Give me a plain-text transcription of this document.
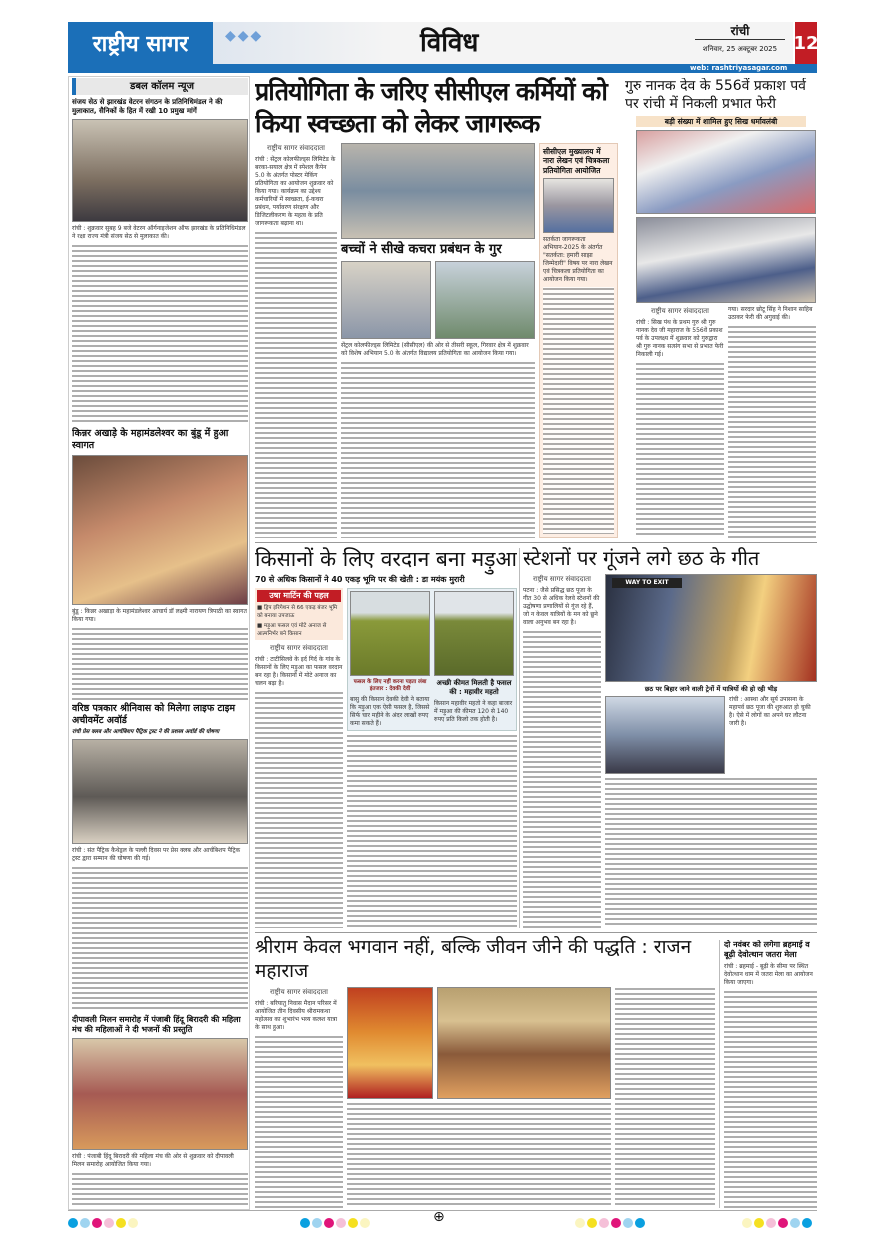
राष्ट्रीय सागर	◆◆◆	विविध	रांची
शनिवार, 25 अक्टूबर 2025 12
web: rashtriyasagar.com
डबल कॉलम न्यूज
संजय सेठ से झारखंड वेटरन संगठन के प्रतिनिधिमंडल ने की मुलाकात, सैनिकों के हित में रखी 10 प्रमुख मांगें
रांची : शुक्रवार सुबह 9 बजे वेटरन ऑर्गनाइजेशन ऑफ झारखंड के प्रतिनिधिमंडल ने रक्षा राज्य मंत्री संजय सेठ से मुलाकात की।
किन्नर अखाड़े के महामंडलेश्वर का बुंडू में हुआ स्वागत
बुंडू : किन्नर अखाड़ा के महामंडलेश्वर आचार्य डॉ लक्ष्मी नारायण त्रिपाठी का स्वागत किया गया।
वरिष्ठ पत्रकार श्रीनिवास को मिलेगा लाइफ टाइम अचीवमेंट अवॉर्ड
रांची प्रेस क्लब और आर्चबिशप पैट्रिक ट्रस्ट ने की प्रशस्त्र अवॉर्ड की घोषणा
रांची : संत पैट्रिक कैथेड्रल के पल्ली दिवस पर प्रेस क्लब और आर्चबिशप पैट्रिक ट्रस्ट द्वारा सम्मान की घोषणा की गई।
दीपावली मिलन समारोह में पंजाबी हिंदू बिरादरी की महिला मंच की महिलाओं ने दी भजनों की प्रस्तुति
रांची : पंजाबी हिंदू बिरादरी की महिला मंच की ओर से शुक्रवार को दीपावली मिलन समारोह आयोजित किया गया।
प्रतियोगिता के जरिए सीसीएल कर्मियों को किया स्वच्छता को लेकर जागरूक
राष्ट्रीय सागर संवाददाता
रांची : सेंट्रल कोलफील्ड्स लिमिटेड के बरका-सयाल क्षेत्र में स्पेशल कैंपेन 5.0 के अंतर्गत पोस्टर मेकिंग प्रतियोगिता का आयोजन शुक्रवार को किया गया। कार्यक्रम का उद्देश्य कर्मचारियों में स्वच्छता, ई-कचरा प्रबंधन, पर्यावरण संरक्षण और डिजिटलीकरण के महत्व के प्रति जागरूकता बढ़ाना था।
बच्चों ने सीखे कचरा प्रबंधन के गुर
सेंट्रल कोलफील्ड्स लिमिटेड (सीसीएल) की ओर से तीसरी स्कूल, गिरवार क्षेत्र में शुक्रवार को विशेष अभियान 5.0 के अंतर्गत विद्यालय प्रतियोगिता का आयोजन किया गया।
सीसीएल मुख्यालय में नारा लेखन एवं चित्रकला प्रतियोगिता आयोजित
सतर्कता जागरूकता अभियान-2025 के अंतर्गत "सतर्कता: हमारी साझा जिम्मेदारी" विषय पर नारा लेखन एवं चित्रकला प्रतियोगिता का आयोजन किया गया।
गुरु नानक देव के 556वें प्रकाश पर्व पर रांची में निकली प्रभात फेरी
बड़ी संख्या में शामिल हुए सिख धर्मावलंबी
राष्ट्रीय सागर संवाददाता
रांची : सिख पंथ के प्रथम गुरु श्री गुरु नानक देव जी महाराज के 556वें प्रकाश पर्व के उपलक्ष्य में शुक्रवार को गुरुद्वारा श्री गुरु नानक सत्संग सभा से प्रभात फेरी निकाली गई।
गया। सरदार छोटू सिंह ने निशान साहिब उठाकर फेरी की अगुवाई की।
किसानों के लिए वरदान बना मड़ुआ
70 से अधिक किसानों ने 40 एकड़ भूमि पर की खेती : डा मयंक मुरारी
उषा मार्टिन की पहल
■ ड्रिप इरिगेशन से 66 एकड़ बंजर भूमि को बनाया उपजाऊ
■ मड़ुआ फसल एवं मोटे अनाज से आत्मनिर्भर बने किसान
राष्ट्रीय सागर संवाददाता
रांची : टाटीसिलवे के इर्द गिर्द के गांव के किसानों के लिए मड़ुआ का फसल वरदान बन रहा है। किसानों में मोटे अनाज का चलन बढ़ा है।	फसल के लिए नहीं करना पड़ता लंबा इंतजार : देवकी देवी
बासु की किसान देवकी देवी ने बताया कि मड़ुआ एक ऐसी फसल है, जिससे सिर्फ चार महीने के अंदर लाखों रुपए कमा सकते हैं।
अच्छी कीमत मिलती है फसल की : महावीर महतो
किसान महावीर महतो ने कहा बाजार में मड़ुआ की कीमत 120 से 140 रुपए प्रति किलो तक होती है।
स्टेशनों पर गूंजने लगे छठ के गीत
राष्ट्रीय सागर संवाददाता
पटना : जैसे प्रसिद्ध छठ पूजा के गीत 30 से अधिक रेलवे स्टेशनों की उद्घोषणा प्रणालियों से गूंज रहे हैं, जो न केवल यात्रियों के मन को छूने वाला अनुभव बन रहा है।
WAY TO EXIT
छठ पर बिहार जाने वाली ट्रेनों में यात्रियों की हो रही भीड़
रांची : आस्था और सूर्य उपासना के महापर्व छठ पूजा की शुरुआत हो चुकी है। ऐसे में लोगों का अपने घर लौटना जारी है।
श्रीराम केवल भगवान नहीं, बल्कि जीवन जीने की पद्धति : राजन महाराज
राष्ट्रीय सागर संवाददाता
रांची : बरियातु निवास मैदान परिसर में आयोजित तीन दिवसीय श्रीरामकथा महोत्सव का शुभारंभ भव्य कलश यात्रा के साथ हुआ।
दो नवंबर को लगेगा ब्रहमाई व बूढ़ी देवोत्थान जतरा मेला
रांची : ब्रहमाई - बूढ़ी के सीमा पर स्थित देवोत्थान धाम में जतरा मेला का आयोजन किया जाएगा।
⊕
